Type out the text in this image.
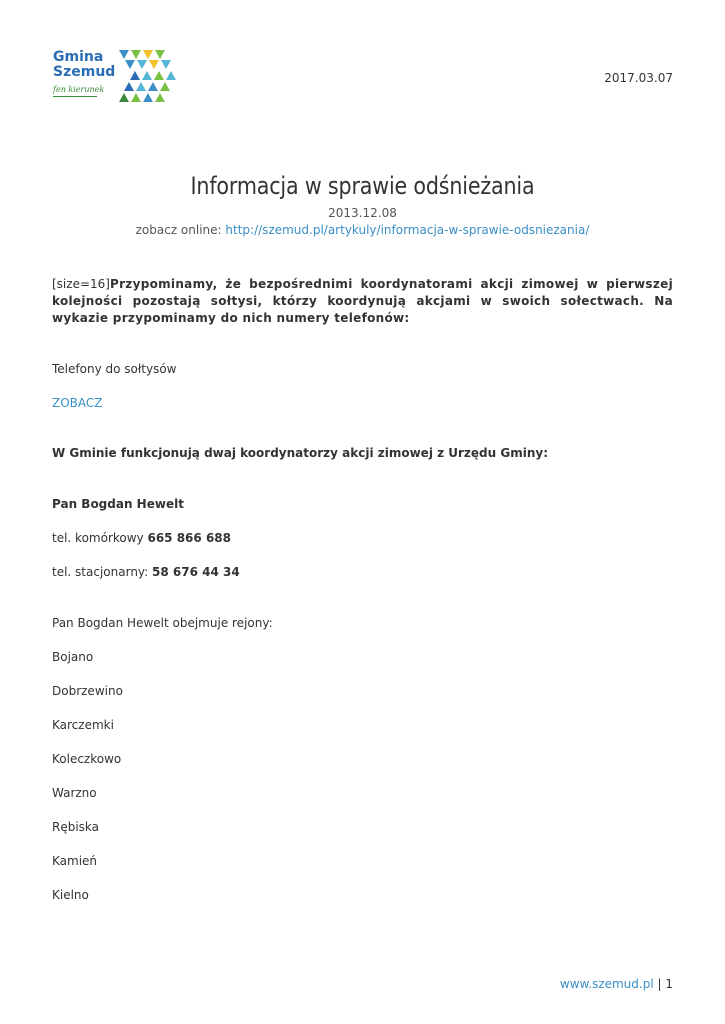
Gmina
Szemud
fen kierunek
2017.03.07
Informacja w sprawie odśnieżania
2013.12.08
zobacz online: http://szemud.pl/artykuly/informacja-w-sprawie-odsniezania/

[size=16]Przypominamy, że bezpośrednimi koordynatorami akcji zimowej w pierwszej kolejności pozostają sołtysi, którzy koordynują akcjami w swoich sołectwach. Na wykazie przypominamy do nich numery telefonów:

Telefony do sołtysów
ZOBACZ
W Gminie funkcjonują dwaj koordynatorzy akcji zimowej z Urzędu Gminy:
Pan Bogdan Hewelt
tel. komórkowy 665 866 688
tel. stacjonarny: 58 676 44 34
Pan Bogdan Hewelt obejmuje rejony:
Bojano
Dobrzewino
Karczemki
Koleczkowo
Warzno
Rębiska
Kamień
Kielno
www.szemud.pl | 1
